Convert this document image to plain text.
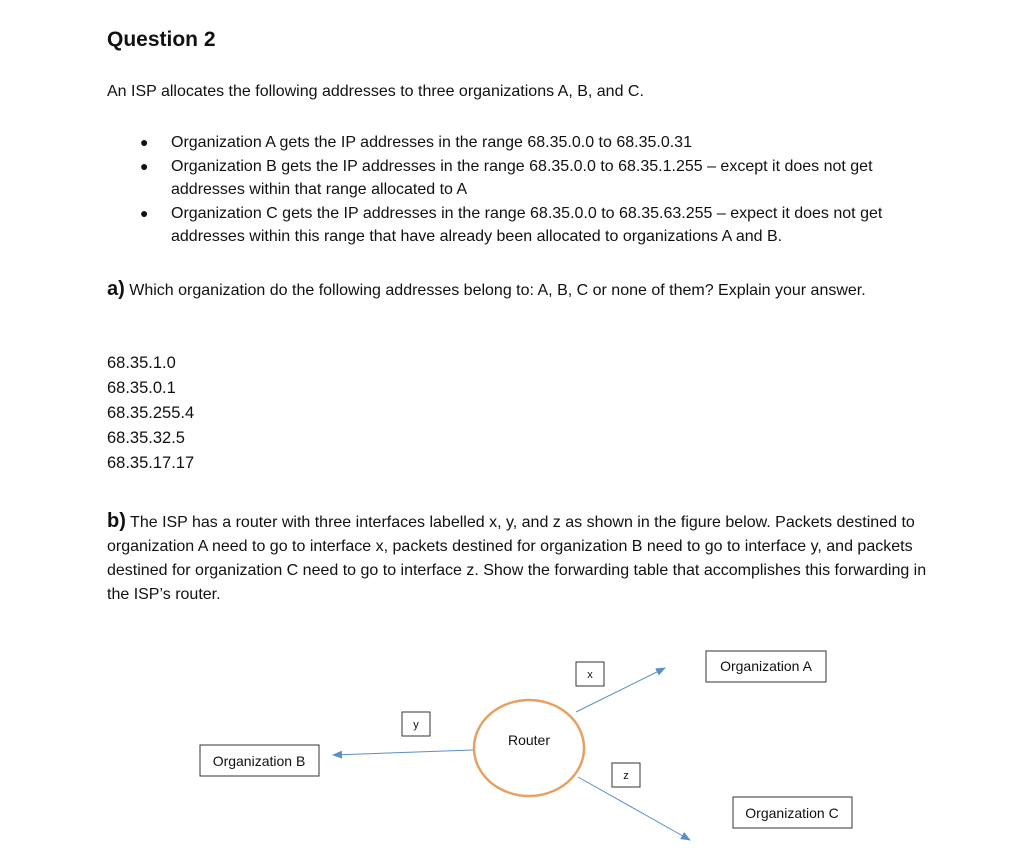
Question 2
An ISP allocates the following addresses to three organizations A, B, and C.
● Organization A gets the IP addresses in the range 68.35.0.0 to 68.35.0.31
● Organization B gets the IP addresses in the range 68.35.0.0 to 68.35.1.255 – except it does not get addresses within that range allocated to A
● Organization C gets the IP addresses in the range 68.35.0.0 to 68.35.63.255 – expect it does not get addresses within this range that have already been allocated to organizations A and B.
a) Which organization do the following addresses belong to: A, B, C or none of them? Explain your answer.
68.35.1.0
68.35.0.1
68.35.255.4
68.35.32.5
68.35.17.17
b) The ISP has a router with three interfaces labelled x, y, and z as shown in the figure below. Packets destined to organization A need to go to interface x, packets destined for organization B need to go to interface y, and packets destined for organization C need to go to interface z. Show the forwarding table that accomplishes this forwarding in the ISP’s router.
Router
x
y
z
Organization A
Organization B
Organization C
